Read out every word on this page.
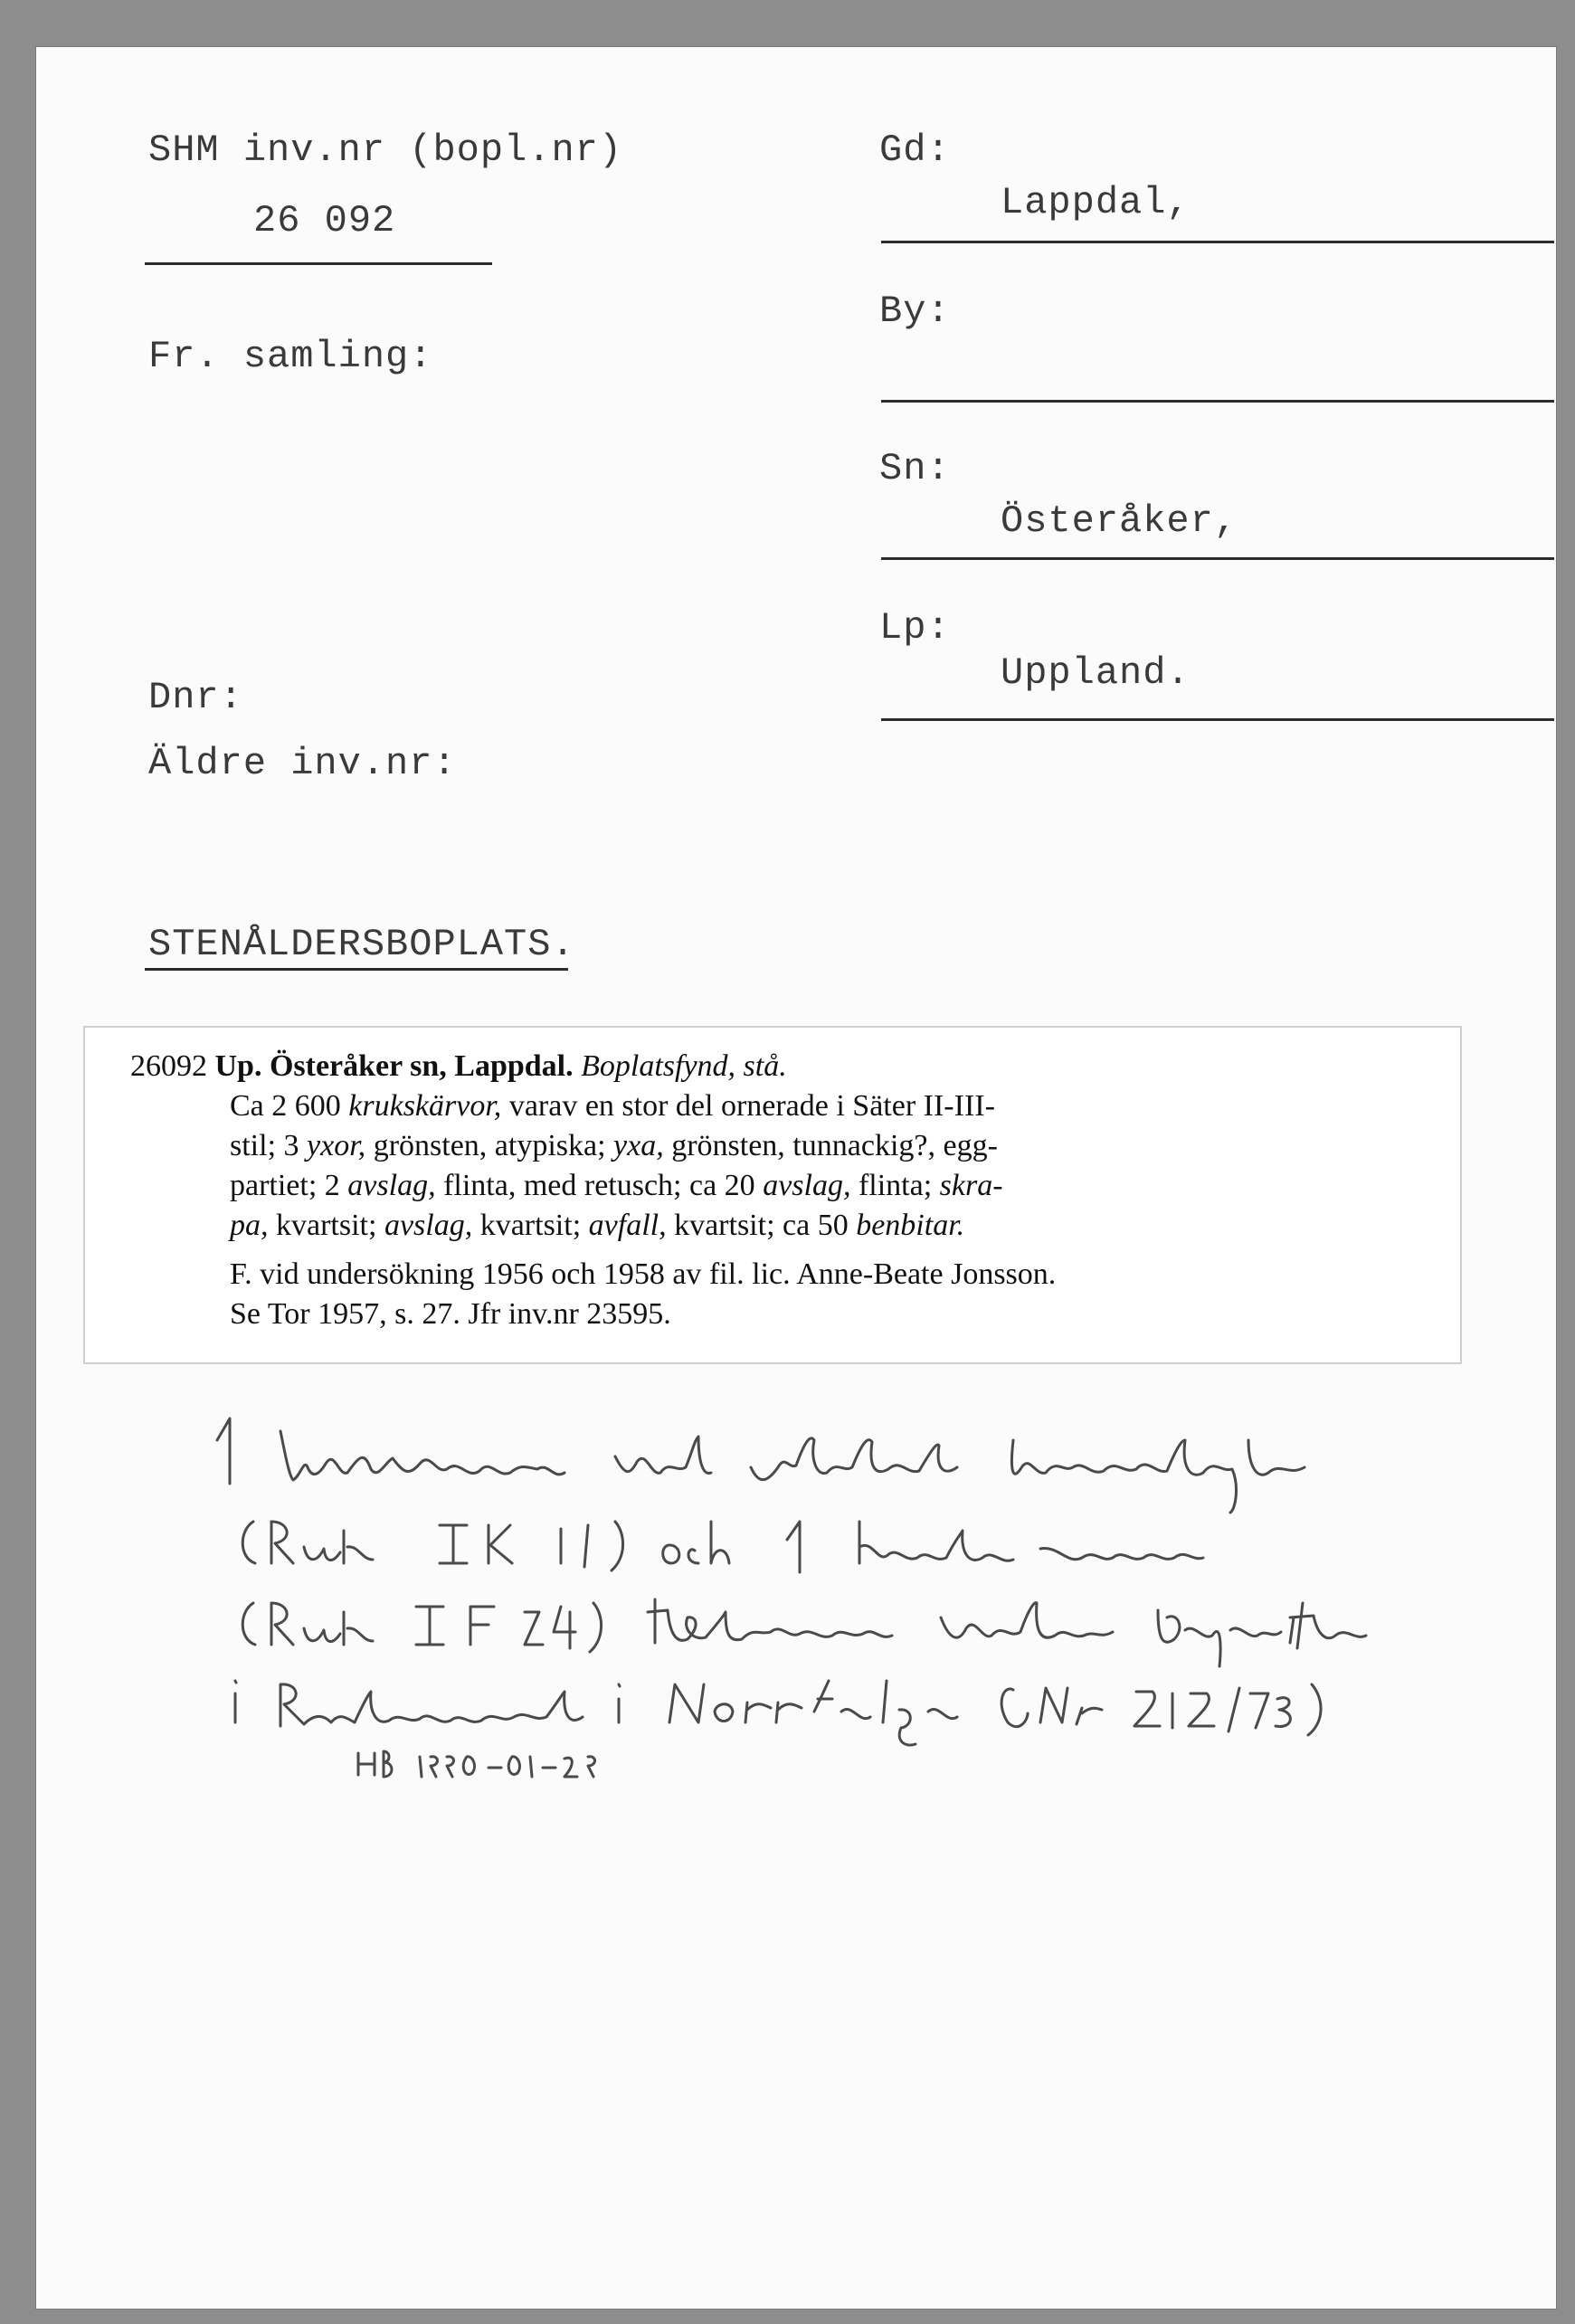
SHM inv.nr (bopl.nr)
26 092
Fr. samling:
Dnr:
Äldre inv.nr:
STENÅLDERSBOPLATS.
Gd:
Lappdal,
By:
Sn:
Österåker,
Lp:
Uppland.
26092 Up. Österåker sn, Lappdal. Boplatsfynd, stå.
Ca 2 600 krukskärvor, varav en stor del ornerade i Säter II-III-
stil; 3 yxor, grönsten, atypiska; yxa, grönsten, tunnackig?, egg-
partiet; 2 avslag, flinta, med retusch; ca 20 avslag, flinta; skra-
pa, kvartsit; avslag, kvartsit; avfall, kvartsit; ca 50 benbitar.
F. vid undersökning 1956 och 1958 av fil. lic. Anne-Beate Jonsson.
Se Tor 1957, s. 27. Jfr inv.nr 23595.
